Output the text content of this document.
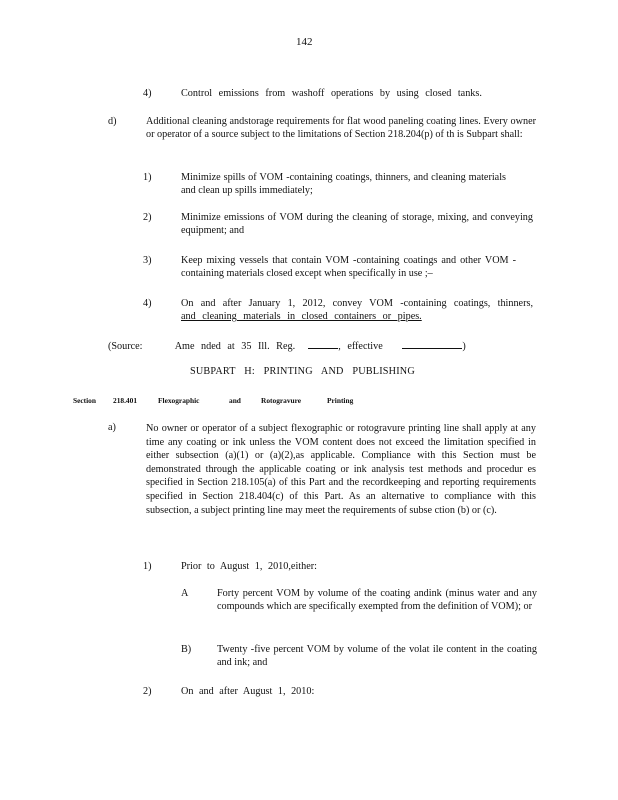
142
4)	Control emissions from washoff operations by using closed tanks.
d)	Additional cleaning andstorage requirements for flat wood paneling coating lines. Every owner or operator of a source subject to the limitations of Section 218.204(p) of th is Subpart shall:
1)	Minimize spills of VOM -containing coatings, thinners, and cleaning materials and clean up spills immediately;
2)	Minimize emissions of VOM during the cleaning of storage, mixing, and conveying equipment; and
3)	Keep mixing vessels that contain VOM -containing coatings and other VOM -containing materials closed except when specifically in use ;–
4)	On and after January 1, 2012, convey VOM -containing coatings, thinners,
and cleaning materials in closed containers or pipes.
(Source:	Ame nded at 35 Ill. Reg.	, effective	)
SUBPART H: PRINTING AND PUBLISHING
Section 218.401	Flexographic	and	Rotogravure	Printing
a)	No owner or operator of a subject flexographic or rotogravure printing line shall apply at any time any coating or ink unless the VOM content does not exceed the limitation specified in either subsection (a)(1) or (a)(2),as applicable. Compliance with this Section must be demonstrated through the applicable coating or ink analysis test methods and procedur es specified in Section 218.105(a) of this Part and the recordkeeping and reporting requirements specified in Section 218.404(c) of this Part. As an alternative to compliance with this subsection, a subject printing line may meet the requirements of subse ction (b) or (c).
1)	Prior to August 1, 2010,either:
A	Forty percent VOM by volume of the coating andink (minus water and any compounds which are specifically exempted from the definition of VOM); or
B)	Twenty -five percent VOM by volume of the volat ile content in the coating and ink; and
2)	On and after August 1, 2010:
